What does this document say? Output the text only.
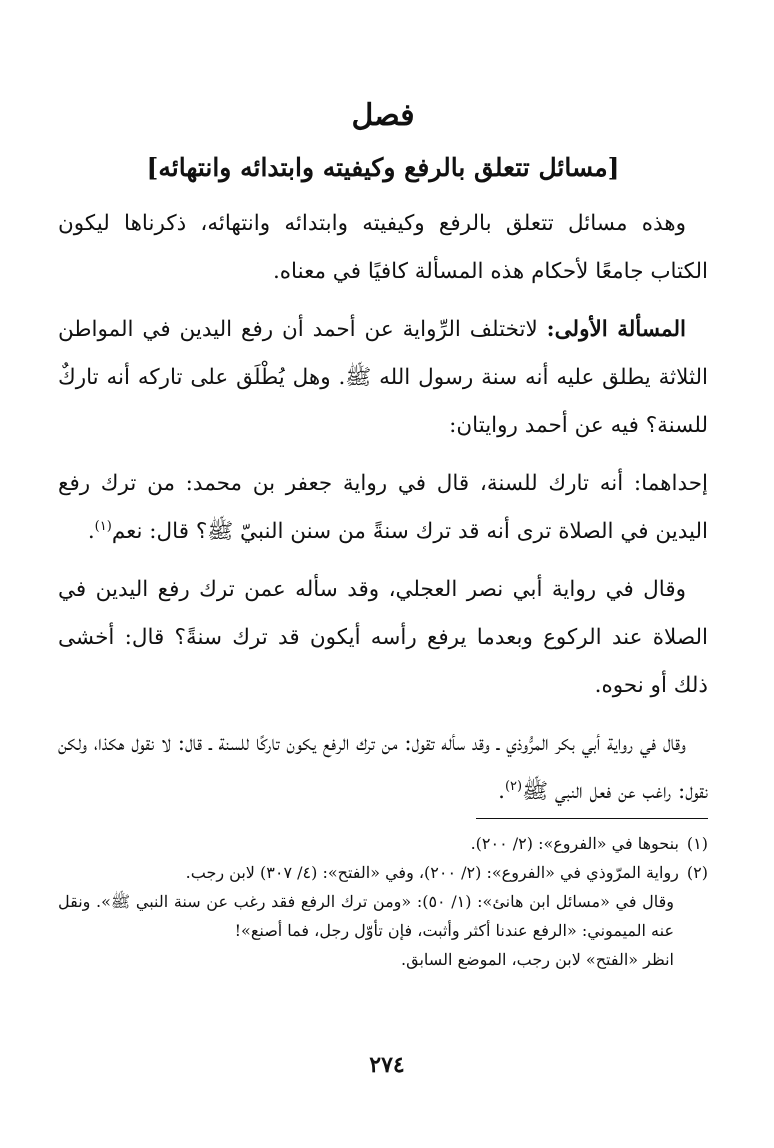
فصل
[مسائل تتعلق بالرفع وكيفيته وابتدائه وانتهائه]

وهذه مسائل تتعلق بالرفع وكيفيته وابتدائه وانتهائه، ذكرناها ليكون الكتاب جامعًا لأحكام هذه المسألة كافيًا في معناه.

المسألة الأولى: لاتختلف الرِّواية عن أحمد أن رفع اليدين في المواطن الثلاثة يطلق عليه أنه سنة رسول الله ﷺ. وهل يُطْلَق على تاركه أنه تاركٌ للسنة؟ فيه عن أحمد روايتان:

إحداهما: أنه تارك للسنة، قال في رواية جعفر بن محمد: من ترك رفع اليدين في الصلاة ترى أنه قد ترك سنةً من سنن النبيّ ﷺ؟ قال: نعم$^{(١)}$.

وقال في رواية أبي نصر العجلي، وقد سأله عمن ترك رفع اليدين في الصلاة عند الركوع وبعدما يرفع رأسه أيكون قد ترك سنةً؟ قال: أخشى ذلك أو نحوه.

وقال في رواية أبي بكر المرُّوذي ـ وقد سأله تقول: من ترك الرفع يكون تاركًا للسنة ـ قال: لا نقول هكذا، ولكن نقول: راغب عن فعل النبي ﷺ$^{(٢)}$.

(١)بنحوها في «الفروع»: (٢/ ٢٠٠).
(٢)رواية المرّوذي في «الفروع»: (٢/ ٢٠٠)، وفي «الفتح»: (٤/ ٣٠٧) لابن رجب.
وقال في «مسائل ابن هانئ»: (١/ ٥٠): «ومن ترك الرفع فقد رغب عن سنة النبي ﷺ». ونقل عنه الميموني: «الرفع عندنا أكثر وأثبت، فإن تأوّل رجل، فما أصنع»!
انظر «الفتح» لابن رجب، الموضع السابق.
٢٧٤
